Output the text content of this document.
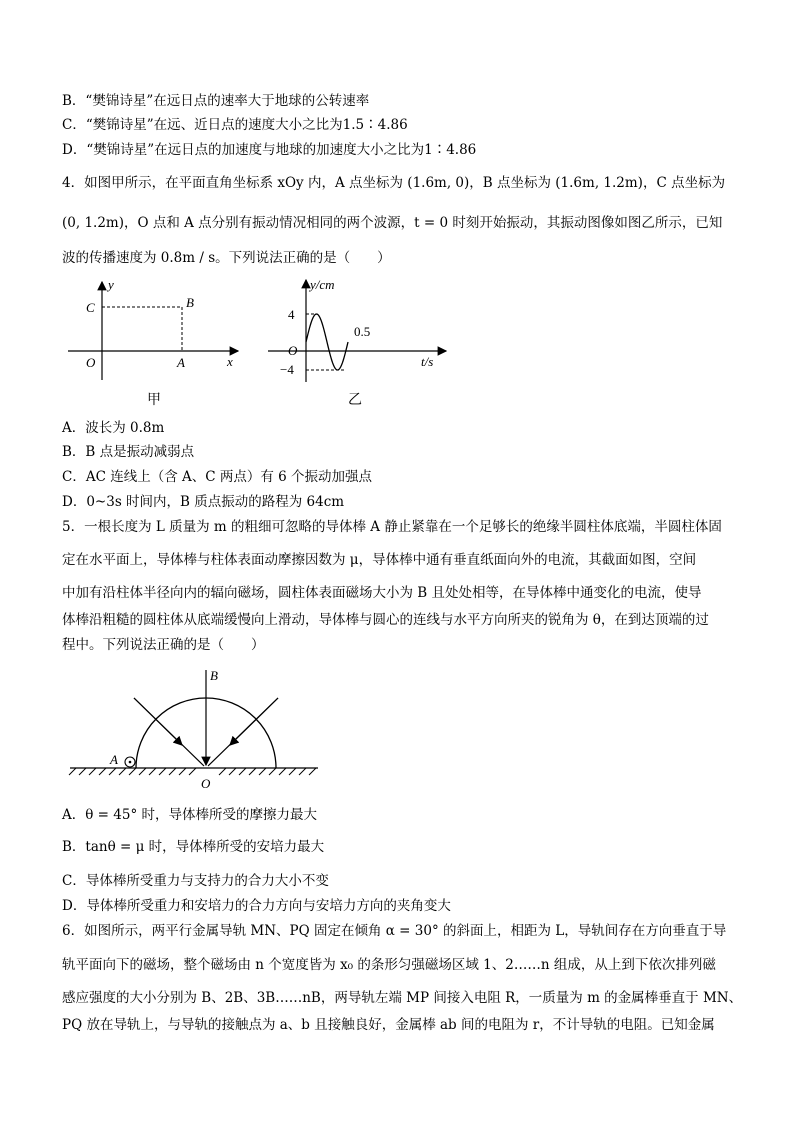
B．“樊锦诗星”在远日点的速率大于地球的公转速率
C．“樊锦诗星”在远、近日点的速度大小之比为1.5∶4.86
D．“樊锦诗星”在远日点的加速度与地球的加速度大小之比为1∶4.86
4．如图甲所示，在平面直角坐标系 xOy 内，A 点坐标为 (1.6m, 0)，B 点坐标为 (1.6m, 1.2m)，C 点坐标为
(0, 1.2m)，O 点和 A 点分别有振动情况相同的两个波源，t = 0 时刻开始振动，其振动图像如图乙所示，已知
波的传播速度为 0.8m / s。下列说法正确的是（　　）
y
C	B
O	A	x
甲
y/cm
4
O
−4
0.5
t/s
乙
A．波长为 0.8m
B．B 点是振动减弱点
C．AC 连线上（含 A、C 两点）有 6 个振动加强点
D．0~3s 时间内，B 质点振动的路程为 64cm
5．一根长度为 L 质量为 m 的粗细可忽略的导体棒 A 静止紧靠在一个足够长的绝缘半圆柱体底端，半圆柱体固
定在水平面上，导体棒与柱体表面动摩擦因数为 μ，导体棒中通有垂直纸面向外的电流，其截面如图，空间
中加有沿柱体半径向内的辐向磁场，圆柱体表面磁场大小为 B 且处处相等，在导体棒中通变化的电流，使导
体棒沿粗糙的圆柱体从底端缓慢向上滑动，导体棒与圆心的连线与水平方向所夹的锐角为 θ，在到达顶端的过
程中。下列说法正确的是（　　）
B
A
O
A．θ = 45° 时，导体棒所受的摩擦力最大
B．tanθ = μ 时，导体棒所受的安培力最大
C．导体棒所受重力与支持力的合力大小不变
D．导体棒所受重力和安培力的合力方向与安培力方向的夹角变大
6．如图所示，两平行金属导轨 MN、PQ 固定在倾角 α = 30° 的斜面上，相距为 L，导轨间存在方向垂直于导
轨平面向下的磁场，整个磁场由 n 个宽度皆为 x₀ 的条形匀强磁场区域 1、2……n 组成，从上到下依次排列磁
感应强度的大小分别为 B、2B、3B……nB，两导轨左端 MP 间接入电阻 R，一质量为 m 的金属棒垂直于 MN、
PQ 放在导轨上，与导轨的接触点为 a、b 且接触良好，金属棒 ab 间的电阻为 r，不计导轨的电阻。已知金属
